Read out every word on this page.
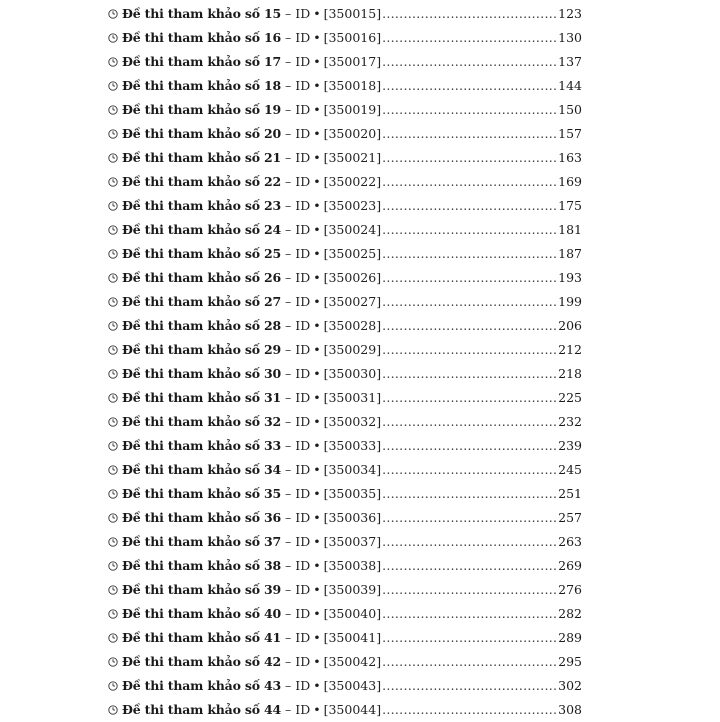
Đề thi tham khảo số 15 – ID • [350015] .....	123
Đề thi tham khảo số 16 – ID • [350016] .....	130
Đề thi tham khảo số 17 – ID • [350017] .....	137
Đề thi tham khảo số 18 – ID • [350018] .....	144
Đề thi tham khảo số 19 – ID • [350019] .....	150
Đề thi tham khảo số 20 – ID • [350020] .....	157
Đề thi tham khảo số 21 – ID • [350021] .....	163
Đề thi tham khảo số 22 – ID • [350022] .....	169
Đề thi tham khảo số 23 – ID • [350023] .....	175
Đề thi tham khảo số 24 – ID • [350024] .....	181
Đề thi tham khảo số 25 – ID • [350025] .....	187
Đề thi tham khảo số 26 – ID • [350026] .....	193
Đề thi tham khảo số 27 – ID • [350027] .....	199
Đề thi tham khảo số 28 – ID • [350028] .....	206
Đề thi tham khảo số 29 – ID • [350029] .....	212
Đề thi tham khảo số 30 – ID • [350030] .....	218
Đề thi tham khảo số 31 – ID • [350031] .....	225
Đề thi tham khảo số 32 – ID • [350032] .....	232
Đề thi tham khảo số 33 – ID • [350033] .....	239
Đề thi tham khảo số 34 – ID • [350034] .....	245
Đề thi tham khảo số 35 – ID • [350035] .....	251
Đề thi tham khảo số 36 – ID • [350036] .....	257
Đề thi tham khảo số 37 – ID • [350037] .....	263
Đề thi tham khảo số 38 – ID • [350038] .....	269
Đề thi tham khảo số 39 – ID • [350039] .....	276
Đề thi tham khảo số 40 – ID • [350040] .....	282
Đề thi tham khảo số 41 – ID • [350041] .....	289
Đề thi tham khảo số 42 – ID • [350042] .....	295
Đề thi tham khảo số 43 – ID • [350043] .....	302
Đề thi tham khảo số 44 – ID • [350044] .....	308
